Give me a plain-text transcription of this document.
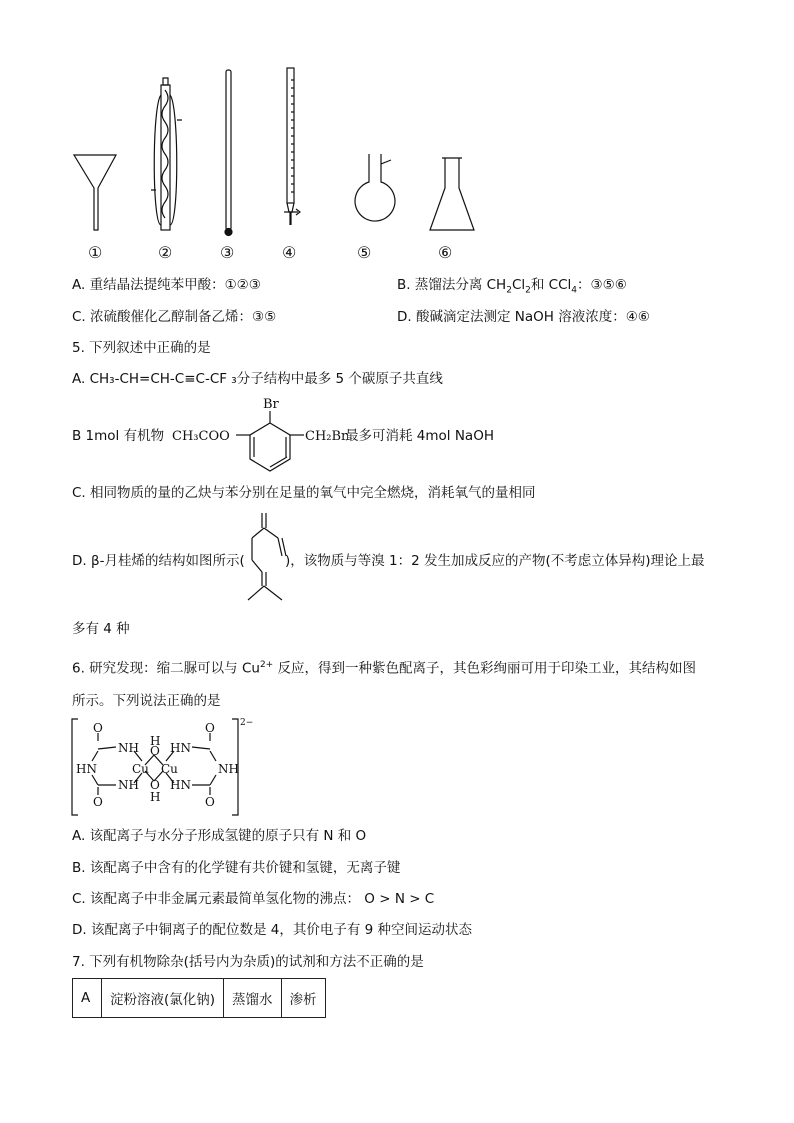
①	②	③	④	⑤	⑥
A. 重结晶法提纯苯甲酸：①②③	B. 蒸馏法分离 $CH_2Cl_2$和 CCl$_4$：③⑤⑥
C. 浓硫酸催化乙醇制备乙烯：③⑤	D. 酸碱滴定法测定 NaOH 溶液浓度：④⑥
5. 下列叙述中正确的是
A. CH₃-CH=CH-C≡C-CF ₃分子结构中最多 5 个碳原子共直线
B 1mol 有机物
Br
CH₃COO	CH₂Br
最多可消耗 4mol NaOH
C. 相同物质的量的乙炔与苯分别在足量的氧气中完全燃烧，消耗氧气的量相同
D. β-月桂烯的结构如图所示(	)，该物质与等溴 1：2 发生加成反应的产物(不考虑立体异构)理论上最
多有 4 种
6. 研究发现：缩二脲可以与 $Cu^{2+}$ 反应，得到一种紫色配离子，其色彩绚丽可用于印染工业，其结构如图
所示。下列说法正确的是
O
NH
HN
NH
O
Cu Cu
H
O
O
H
HN
NH
HN
O
O
2−
A. 该配离子与水分子形成氢键的原子只有 N 和 O
B. 该配离子中含有的化学键有共价键和氢键，无离子键
C. 该配离子中非金属元素最简单氢化物的沸点： O > N > C
D. 该配离子中铜离子的配位数是 4，其价电子有 9 种空间运动状态
7. 下列有机物除杂(括号内为杂质)的试剂和方法不正确的是
A	淀粉溶液(氯化钠)	蒸馏水	渗析
